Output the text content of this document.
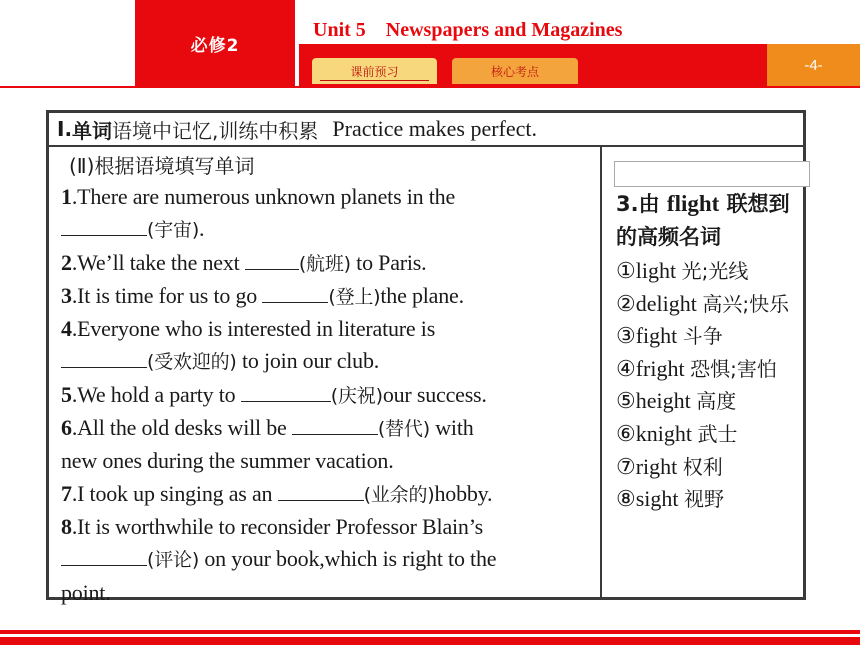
必修2
Unit 5　Newspapers and Magazines
-4-
课前预习	核心考点
Ⅰ. 单词 语境中记忆,训练中积累 Practice makes perfect.
(Ⅱ)根据语境填写单词
1.There are numerous unknown planets in the
(宇宙).
2.We’ll take the next	(航班) to Paris.
3.It is time for us to go	(登上)the plane.
4.Everyone who is interested in literature is
(受欢迎的) to join our club.
5.We hold a party to	(庆祝)our success.
6.All the old desks will be	(替代) with
new ones during the summer vacation.
7.I took up singing as an	(业余的)hobby.
8.It is worthwhile to reconsider Professor Blain’s
(评论) on your book,which is right to the
point.
3.由 flight 联想到的高频名词
①light 光;光线
②delight 高兴;快乐
③fight 斗争
④fright 恐惧;害怕
⑤height 高度
⑥knight 武士
⑦right 权利
⑧sight 视野
